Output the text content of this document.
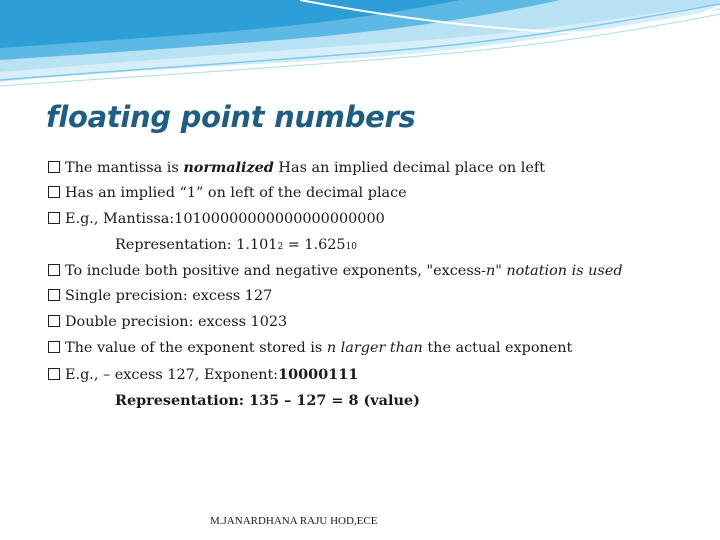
floating point numbers
The mantissa is normalized Has an implied decimal place on left
Has an implied “1” on left of the decimal place
E.g., Mantissa:10100000000000000000000
Representation: 1.1012 = 1.62510
To include both positive and negative exponents, "excess-n" notation is used
Single precision: excess 127
Double precision: excess 1023
The value of the exponent stored is n larger than the actual exponent
E.g., – excess 127, Exponent:10000111
Representation: 135 – 127 = 8 (value)
M.JANARDHANA RAJU HOD,ECE
